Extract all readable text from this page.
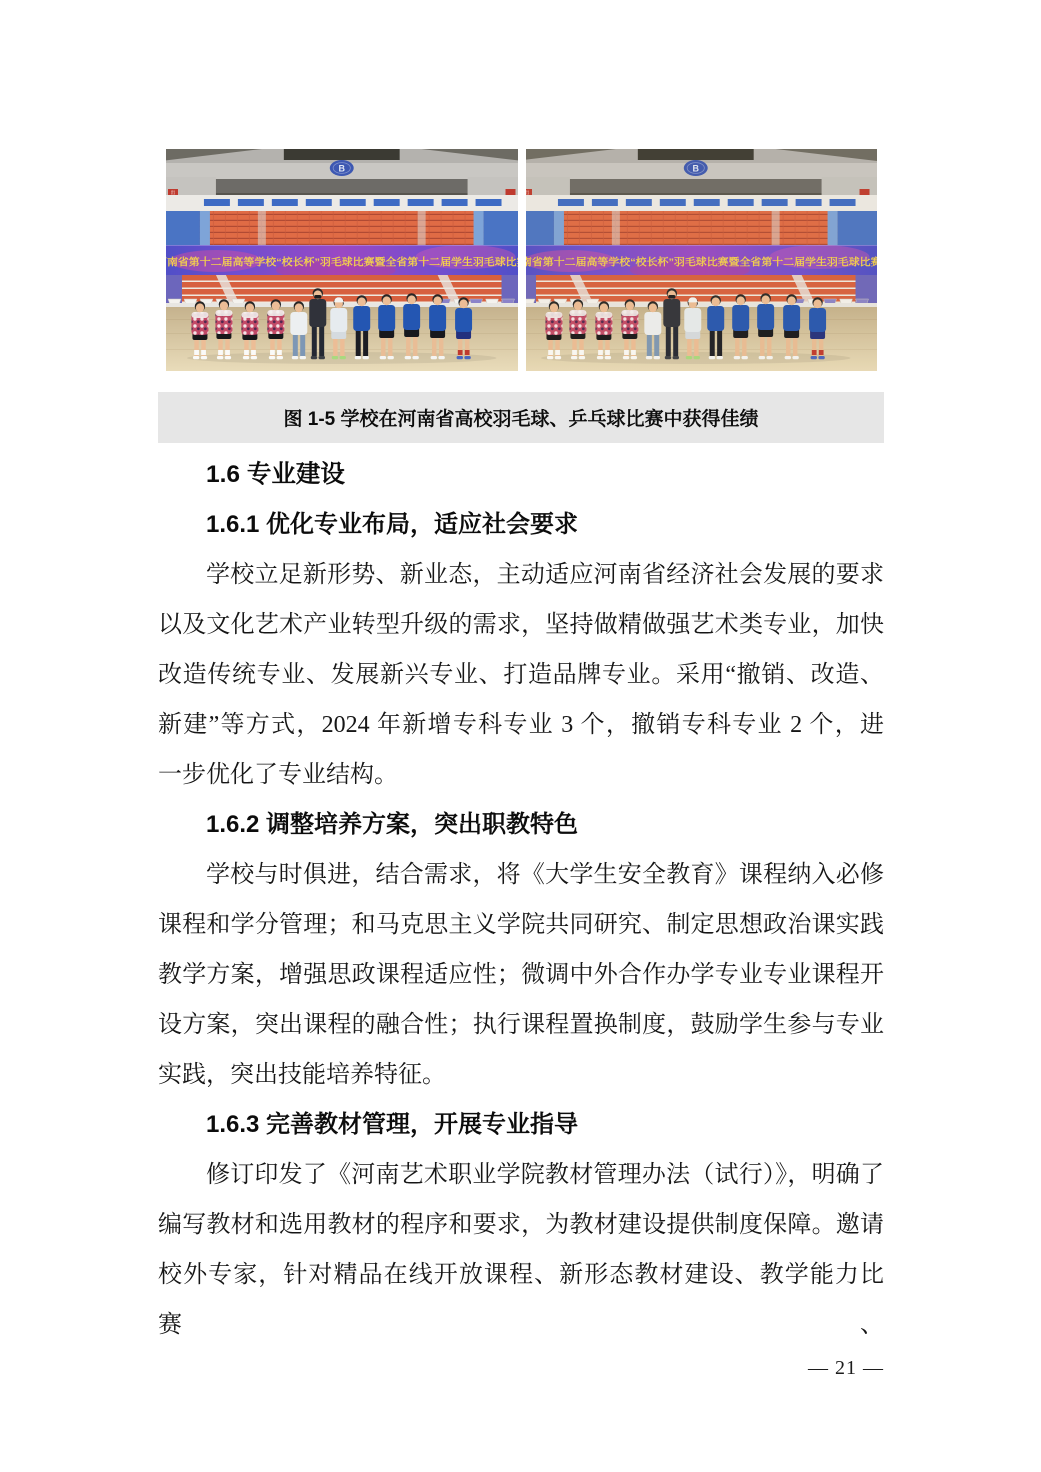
图 1-5 学校在河南省高校羽毛球、乒乓球比赛中获得佳绩
1.6 专业建设
1.6.1 优化专业布局，适应社会要求
学校立足新形势、新业态，主动适应河南省经济社会发展的要求
以及文化艺术产业转型升级的需求，坚持做精做强艺术类专业，加快
改造传统专业、发展新兴专业、打造品牌专业。采用“撤销、改造、
新建”等方式，2024 年新增专科专业 3 个，撤销专科专业 2 个，进
一步优化了专业结构。
1.6.2 调整培养方案，突出职教特色
学校与时俱进，结合需求，将《大学生安全教育》课程纳入必修
课程和学分管理；和马克思主义学院共同研究、制定思想政治课实践
教学方案，增强思政课程适应性；微调中外合作办学专业专业课程开
设方案，突出课程的融合性；执行课程置换制度，鼓励学生参与专业
实践，突出技能培养特征。
1.6.3 完善教材管理，开展专业指导
修订印发了《河南艺术职业学院教材管理办法（试行）》，明确了
编写教材和选用教材的程序和要求，为教材建设提供制度保障。邀请
校外专家，针对精品在线开放课程、新形态教材建设、教学能力比赛、
— 21 —
